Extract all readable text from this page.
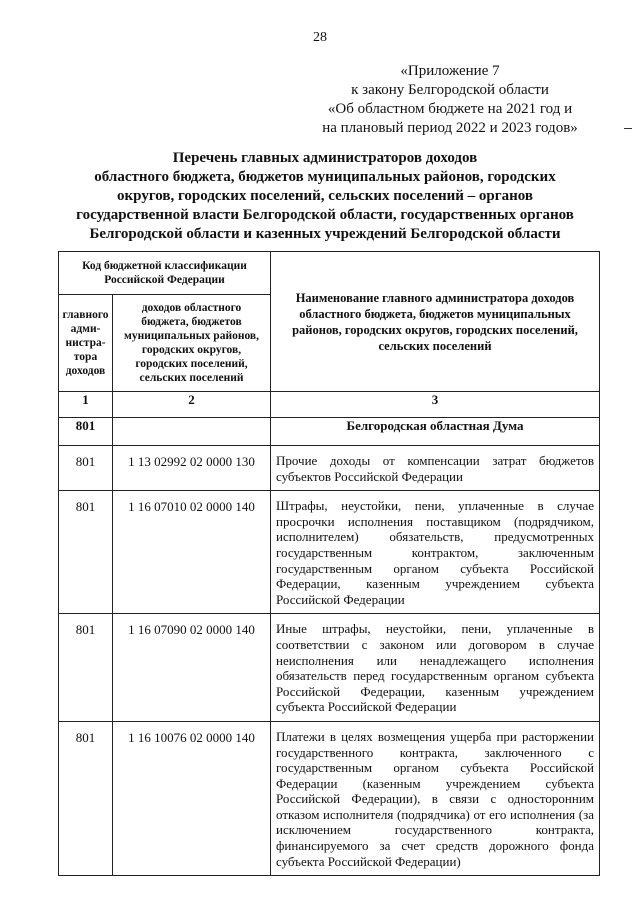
28
«Приложение 7
к закону Белгородской области
«Об областном бюджете на 2021 год и
на плановый период 2022 и 2023 годов»
Перечень главных администраторов доходов
областного бюджета, бюджетов муниципальных районов, городских
округов, городских поселений, сельских поселений – органов
государственной власти Белгородской области, государственных органов
Белгородской области и казенных учреждений Белгородской области
Код бюджетной классификации Российской Федерации		Наименование главного администратора доходов областного бюджета, бюджетов муниципальных районов, городских округов, городских поселений, сельских поселений
главного адми-нистра-тора доходов	доходов областного бюджета, бюджетов муниципальных районов, городских округов, городских поселений, сельских поселений	
1	2	3
801		Белгородская областная Дума
801	1 13 02992 02 0000 130	Прочие доходы от компенсации затрат бюджетов субъектов Российской Федерации
801	1 16 07010 02 0000 140	Штрафы, неустойки, пени, уплаченные в случае просрочки исполнения поставщиком (подрядчиком, исполнителем) обязательств, предусмотренных государственным контрактом, заключенным государственным органом субъекта Российской Федерации, казенным учреждением субъекта Российской Федерации
801	1 16 07090 02 0000 140	Иные штрафы, неустойки, пени, уплаченные в соответствии с законом или договором в случае неисполнения или ненадлежащего исполнения обязательств перед государственным органом субъекта Российской Федерации, казенным учреждением субъекта Российской Федерации
801	1 16 10076 02 0000 140	Платежи в целях возмещения ущерба при расторжении государственного контракта, заключенного с государственным органом субъекта Российской Федерации (казенным учреждением субъекта Российской Федерации), в связи с односторонним отказом исполнителя (подрядчика) от его исполнения (за исключением государственного контракта, финансируемого за счет средств дорожного фонда субъекта Российской Федерации)
